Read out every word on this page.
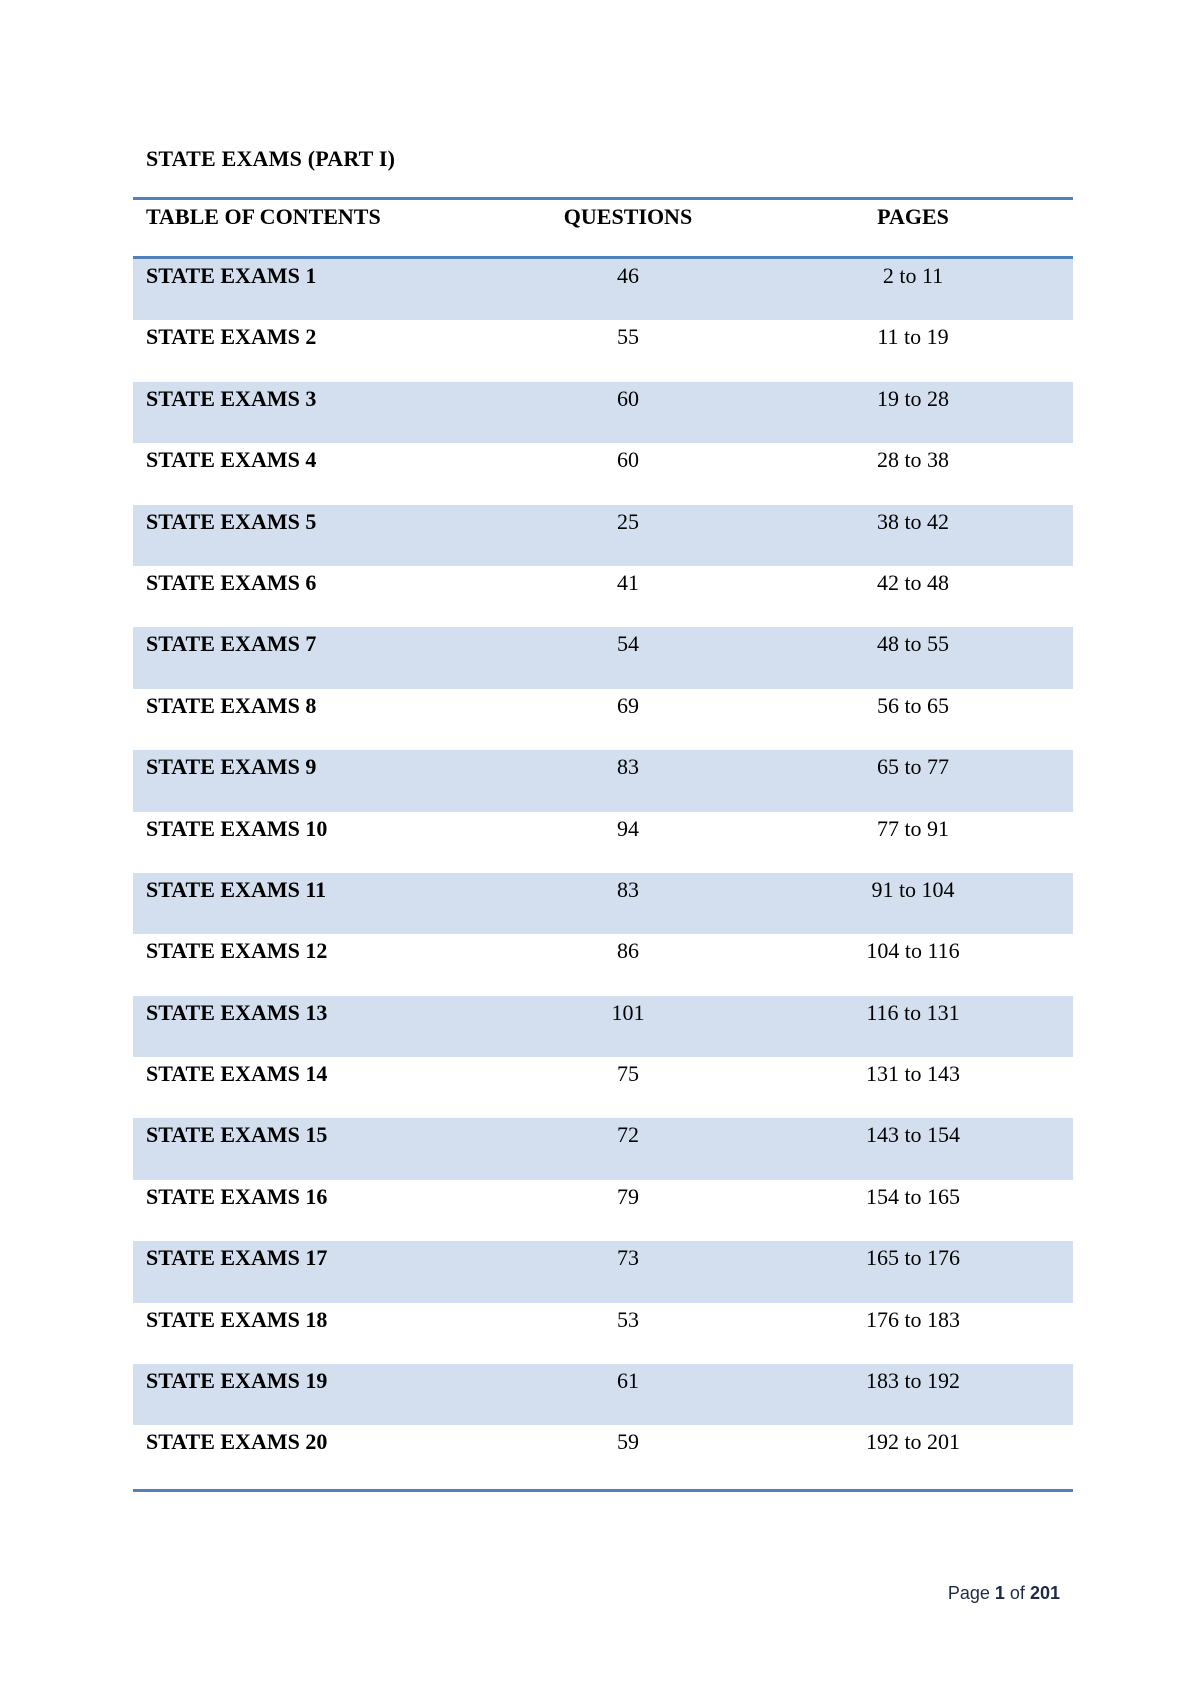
STATE EXAMS (PART I)
TABLE OF CONTENTS	QUESTIONS	PAGES
STATE EXAMS 1	46	2 to 11
STATE EXAMS 2	55	11 to 19
STATE EXAMS 3	60	19 to 28
STATE EXAMS 4	60	28 to 38
STATE EXAMS 5	25	38 to 42
STATE EXAMS 6	41	42 to 48
STATE EXAMS 7	54	48 to 55
STATE EXAMS 8	69	56 to 65
STATE EXAMS 9	83	65 to 77
STATE EXAMS 10	94	77 to 91
STATE EXAMS 11	83	91 to 104
STATE EXAMS 12	86	104 to 116
STATE EXAMS 13	101	116 to 131
STATE EXAMS 14	75	131 to 143
STATE EXAMS 15	72	143 to 154
STATE EXAMS 16	79	154 to 165
STATE EXAMS 17	73	165 to 176
STATE EXAMS 18	53	176 to 183
STATE EXAMS 19	61	183 to 192
STATE EXAMS 20	59	192 to 201
Page 1 of 201
